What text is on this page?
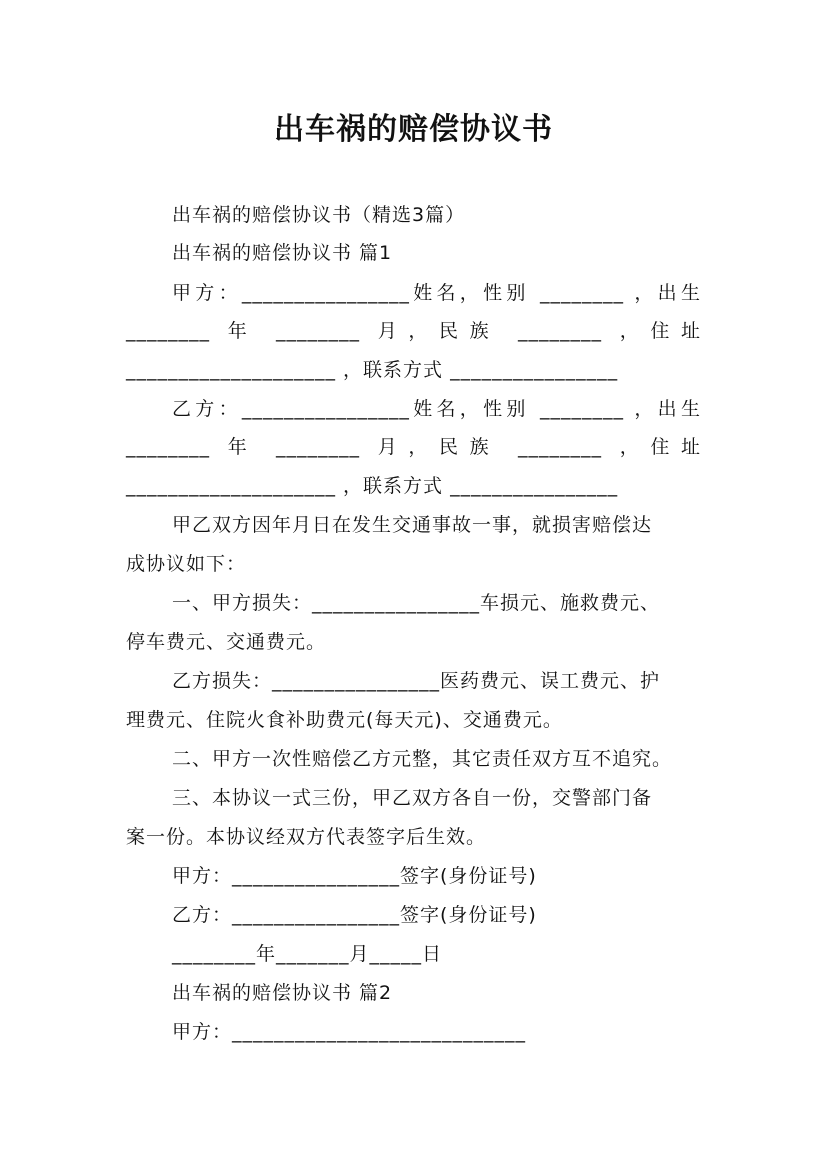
出车祸的赔偿协议书
出车祸的赔偿协议书（精选3篇）
出车祸的赔偿协议书 篇1
甲方：________________姓名，性别 ________ ，出生
________ 年 ________ 月，民族 ________ ，住址
____________________ ，联系方式 ________________
乙方：________________姓名，性别 ________ ，出生
________ 年 ________ 月，民族 ________ ，住址
____________________ ，联系方式 ________________
甲乙双方因年月日在发生交通事故一事，就损害赔偿达
成协议如下：
一、甲方损失：________________车损元、施救费元、
停车费元、交通费元。
乙方损失：________________医药费元、误工费元、护
理费元、住院火食补助费元(每天元)、交通费元。
二、甲方一次性赔偿乙方元整，其它责任双方互不追究。
三、本协议一式三份，甲乙双方各自一份，交警部门备
案一份。本协议经双方代表签字后生效。
甲方：________________签字(身份证号)
乙方：________________签字(身份证号)
________年_______月_____日
出车祸的赔偿协议书 篇2
甲方：____________________________
